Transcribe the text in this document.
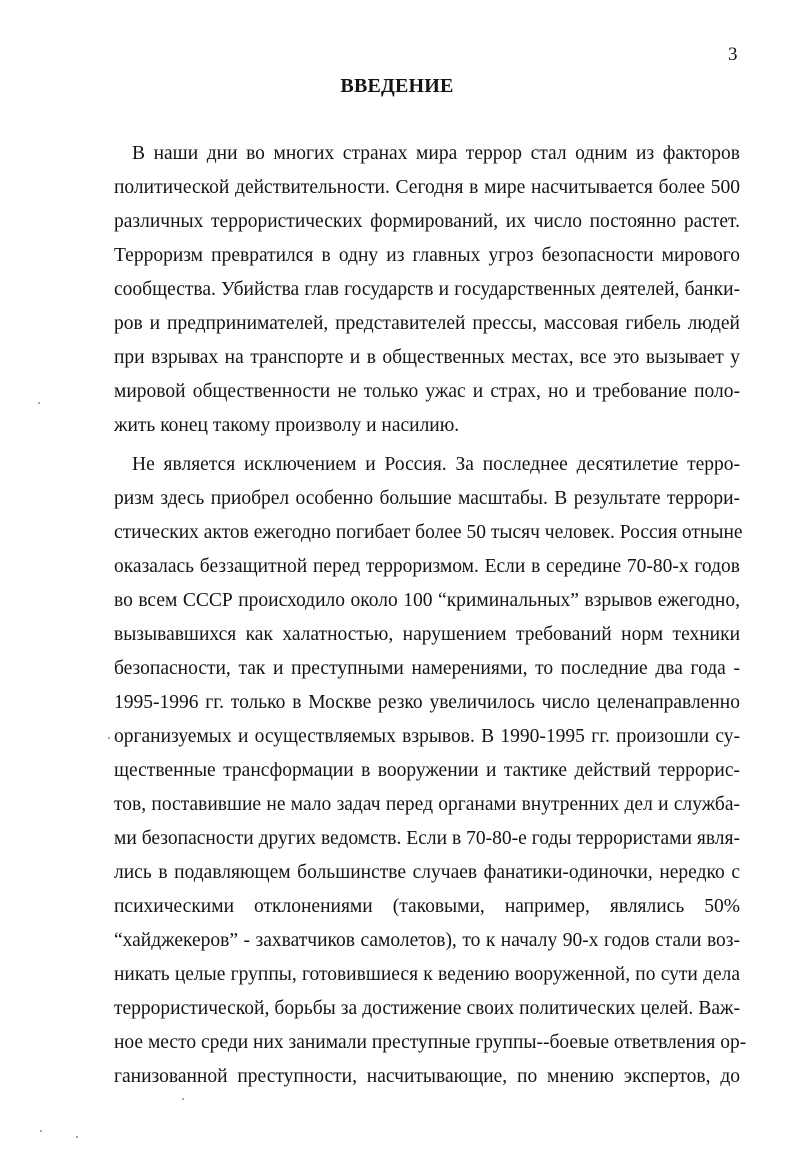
3
ВВЕДЕНИЕ
В наши дни во многих странах мира террор стал одним из факторов
политической действительности. Сегодня в мире насчитывается более 500
различных террористических формирований, их число постоянно растет.
Терроризм превратился в одну из главных угроз безопасности мирового
сообщества. Убийства глав государств и государственных деятелей, банки-
ров и предпринимателей, представителей прессы, массовая гибель людей
при взрывах на транспорте и в общественных местах, все это вызывает у
мировой общественности не только ужас и страх, но и требование поло-
жить конец такому произволу и насилию.
Не является исключением и Россия. За последнее десятилетие терро-
ризм здесь приобрел особенно большие масштабы. В результате террори-
стических актов ежегодно погибает более 50 тысяч человек. Россия отныне
оказалась беззащитной перед терроризмом. Если в середине 70-80-х годов
во всем СССР происходило около 100 “криминальных” взрывов ежегодно,
вызывавшихся как халатностью, нарушением требований норм техники
безопасности, так и преступными намерениями, то последние два года -
1995-1996 гг. только в Москве резко увеличилось число целенаправленно
организуемых и осуществляемых взрывов. В 1990-1995 гг. произошли су-
щественные трансформации в вооружении и тактике действий террорис-
тов, поставившие не мало задач перед органами внутренних дел и служба-
ми безопасности других ведомств. Если в 70-80-е годы террористами явля-
лись в подавляющем большинстве случаев фанатики-одиночки, нередко с
психическими отклонениями (таковыми, например, являлись 50%
“хайджекеров” - захватчиков самолетов), то к началу 90-х годов стали воз-
никать целые группы, готовившиеся к ведению вооруженной, по сути дела
террористической, борьбы за достижение своих политических целей. Важ-
ное место среди них занимали преступные группы--боевые ответвления ор-
ганизованной преступности, насчитывающие, по мнению экспертов, до
